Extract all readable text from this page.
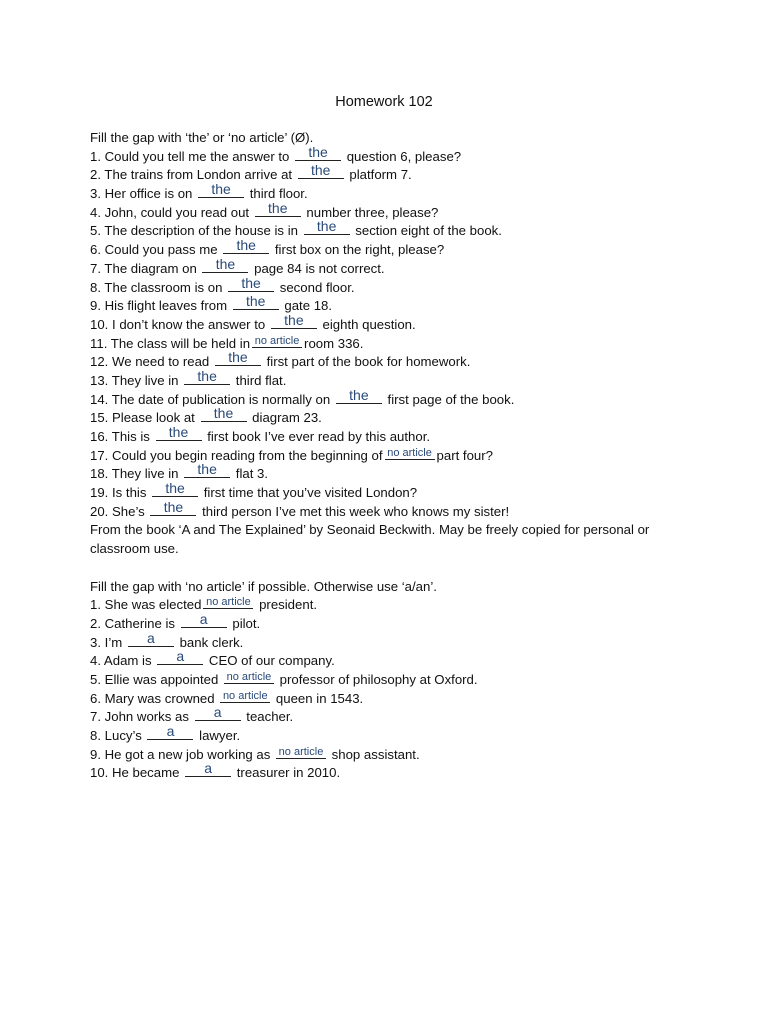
Homework 102
Fill the gap with ‘the’ or ‘no article’ (Ø).
1. Could you tell me the answer to	the	question 6, please?
2. The trains from London arrive at	the	platform 7.
3. Her office is on	the	third floor.
4. John, could you read out	the	number three, please?
5. The description of the house is in	the	section eight of the book.
6. Could you pass me	the	first box on the right, please?
7. The diagram on	the	page 84 is not correct.
8. The classroom is on	the	second floor.
9. His flight leaves from	the	gate 18.
10. I don’t know the answer to	the	eighth question.
11. The class will be held in no article room 336.
12. We need to read	the	first part of the book for homework.
13. They live in	the	third flat.
14. The date of publication is normally on	the	first page of the book.
15. Please look at	the	diagram 23.
16. This is	the	first book I’ve ever read by this author.
17. Could you begin reading from the beginning of no article part four?
18. They live in	the	flat 3.
19. Is this	the	first time that you’ve visited London?
20. She’s	the	third person I’ve met this week who knows my sister!
From the book ‘A and The Explained’ by Seonaid Beckwith. May be freely copied for personal or classroom use.
Fill the gap with ‘no article’ if possible. Otherwise use ‘a/an’.
1. She was elected no article president.
2. Catherine is	a	pilot.
3. I’m	a	bank clerk.
4. Adam is	a	CEO of our company.
5. Ellie was appointed no article professor of philosophy at Oxford.
6. Mary was crowned no article queen in 1543.
7. John works as	a	teacher.
8. Lucy’s	a	lawyer.
9. He got a new job working as no article shop assistant.
10. He became	a	treasurer in 2010.
